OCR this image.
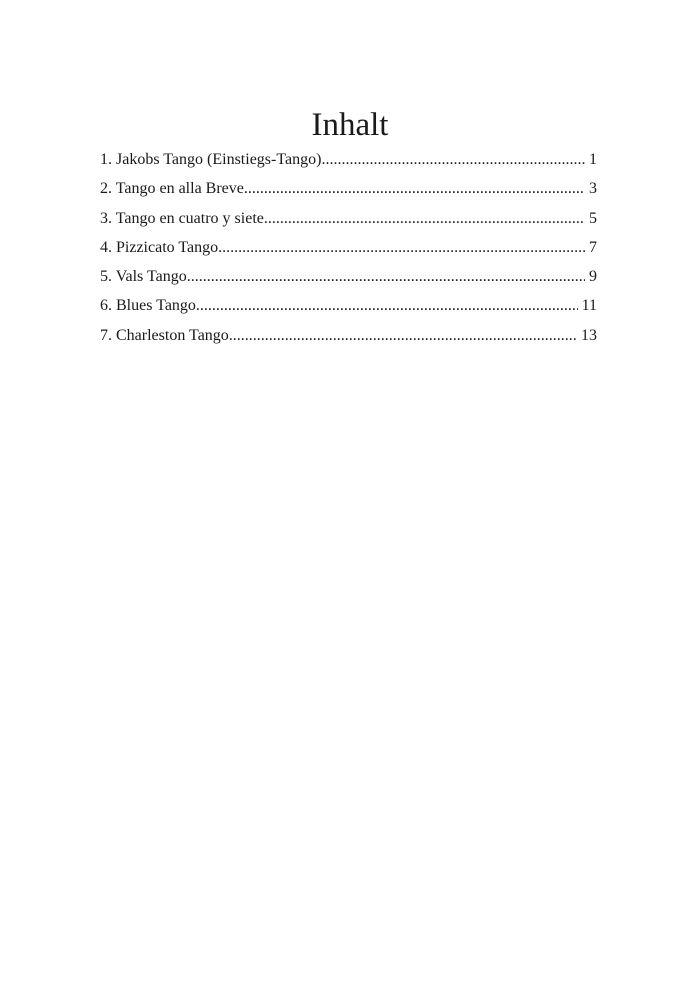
Inhalt
1. Jakobs Tango (Einstiegs-Tango) .....	1
2. Tango en alla Breve .....	3
3. Tango en cuatro y siete .....	5
4. Pizzicato Tango .....	7
5. Vals Tango .....	9
6. Blues Tango .....	11
7. Charleston Tango .....	13
